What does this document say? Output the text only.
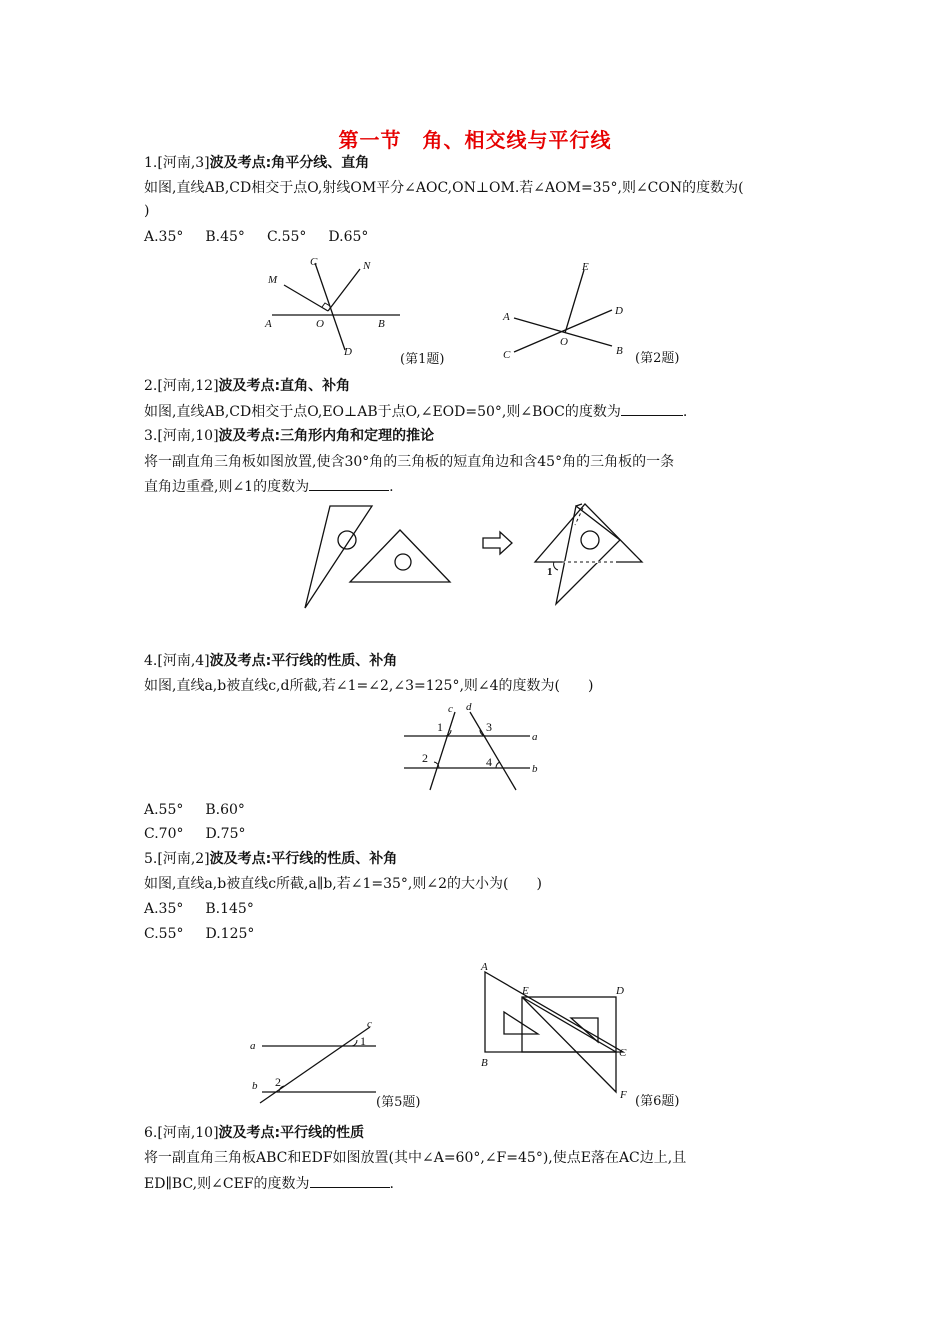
第一节　角、相交线与平行线
1.[河南,3]波及考点:角平分线、直角
如图,直线AB,CD相交于点O,射线OM平分∠AOC,ON⊥OM.若∠AOM=35°,则∠CON的度数为(
)
A.35° B.45° C.55° D.65°
M
C	N
A	O	B
D	(第1题)
E
A	D
C
O
B (第2题)
2.[河南,12]波及考点:直角、补角
如图,直线AB,CD相交于点O,EO⊥AB于点O,∠EOD=50°,则∠BOC的度数为	.
3.[河南,10]波及考点:三角形内角和定理的推论
将一副直角三角板如图放置,使含30°角的三角板的短直角边和含45°角的三角板的一条
直角边重叠,则∠1的度数为	.
1
4.[河南,4]波及考点:平行线的性质、补角
如图,直线a,b被直线c,d所截,若∠1=∠2,∠3=125°,则∠4的度数为(　　)
c d
1	3
a
2	4	b
A.55° B.60°
C.70° D.75°
5.[河南,2]波及考点:平行线的性质、补角
如图,直线a,b被直线c所截,a∥b,若∠1=35°,则∠2的大小为(　　)
A.35° B.145°
C.55° D.125°
c
a	1
b 2
(第5题)
A
E	D
B
C
F (第6题)
6.[河南,10]波及考点:平行线的性质
将一副直角三角板ABC和EDF如图放置(其中∠A=60°,∠F=45°),使点E落在AC边上,且
ED∥BC,则∠CEF的度数为	.
